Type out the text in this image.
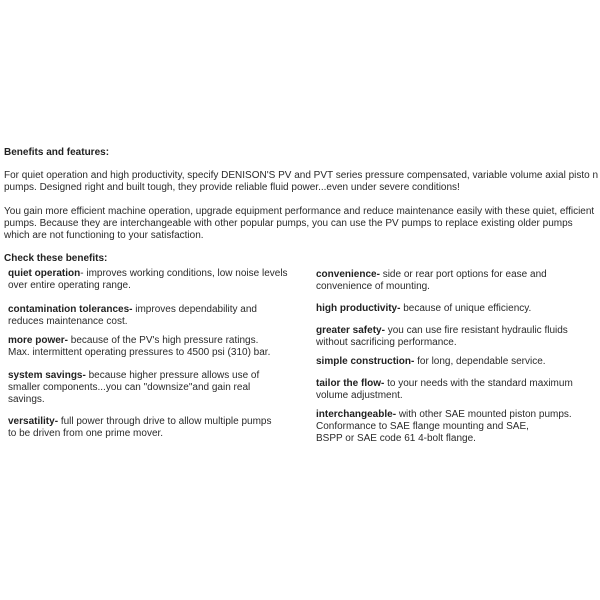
Benefits and features:
For quiet operation and high productivity, specify DENISON'S PV and PVT series pressure compensated, variable volume axial pisto n
pumps. Designed right and built tough, they provide reliable fluid power...even under severe conditions!
You gain more efficient machine operation, upgrade equipment performance and reduce maintenance easily with these quiet, efficient
pumps. Because they are interchangeable with other popular pumps, you can use the PV pumps to replace existing older pumps
which are not functioning to your satisfaction.
Check these benefits:
quiet operation- improves working conditions, low noise levels
over entire operating range.
contamination tolerances- improves dependability and
reduces maintenance cost.
more power- because of the PV's high pressure ratings.
Max. intermittent operating pressures to 4500 psi (310) bar.
system savings- because higher pressure allows use of
smaller components...you can "downsize"and gain real
savings.
versatility- full power through drive to allow multiple pumps
to be driven from one prime mover.
convenience- side or rear port options for ease and
convenience of mounting.
high productivity- because of unique efficiency.
greater safety- you can use fire resistant hydraulic fluids
without sacrificing performance.
simple construction- for long, dependable service.
tailor the flow- to your needs with the standard maximum
volume adjustment.
interchangeable- with other SAE mounted piston pumps.
Conformance to SAE flange mounting and SAE,
BSPP or SAE code 61 4-bolt flange.
